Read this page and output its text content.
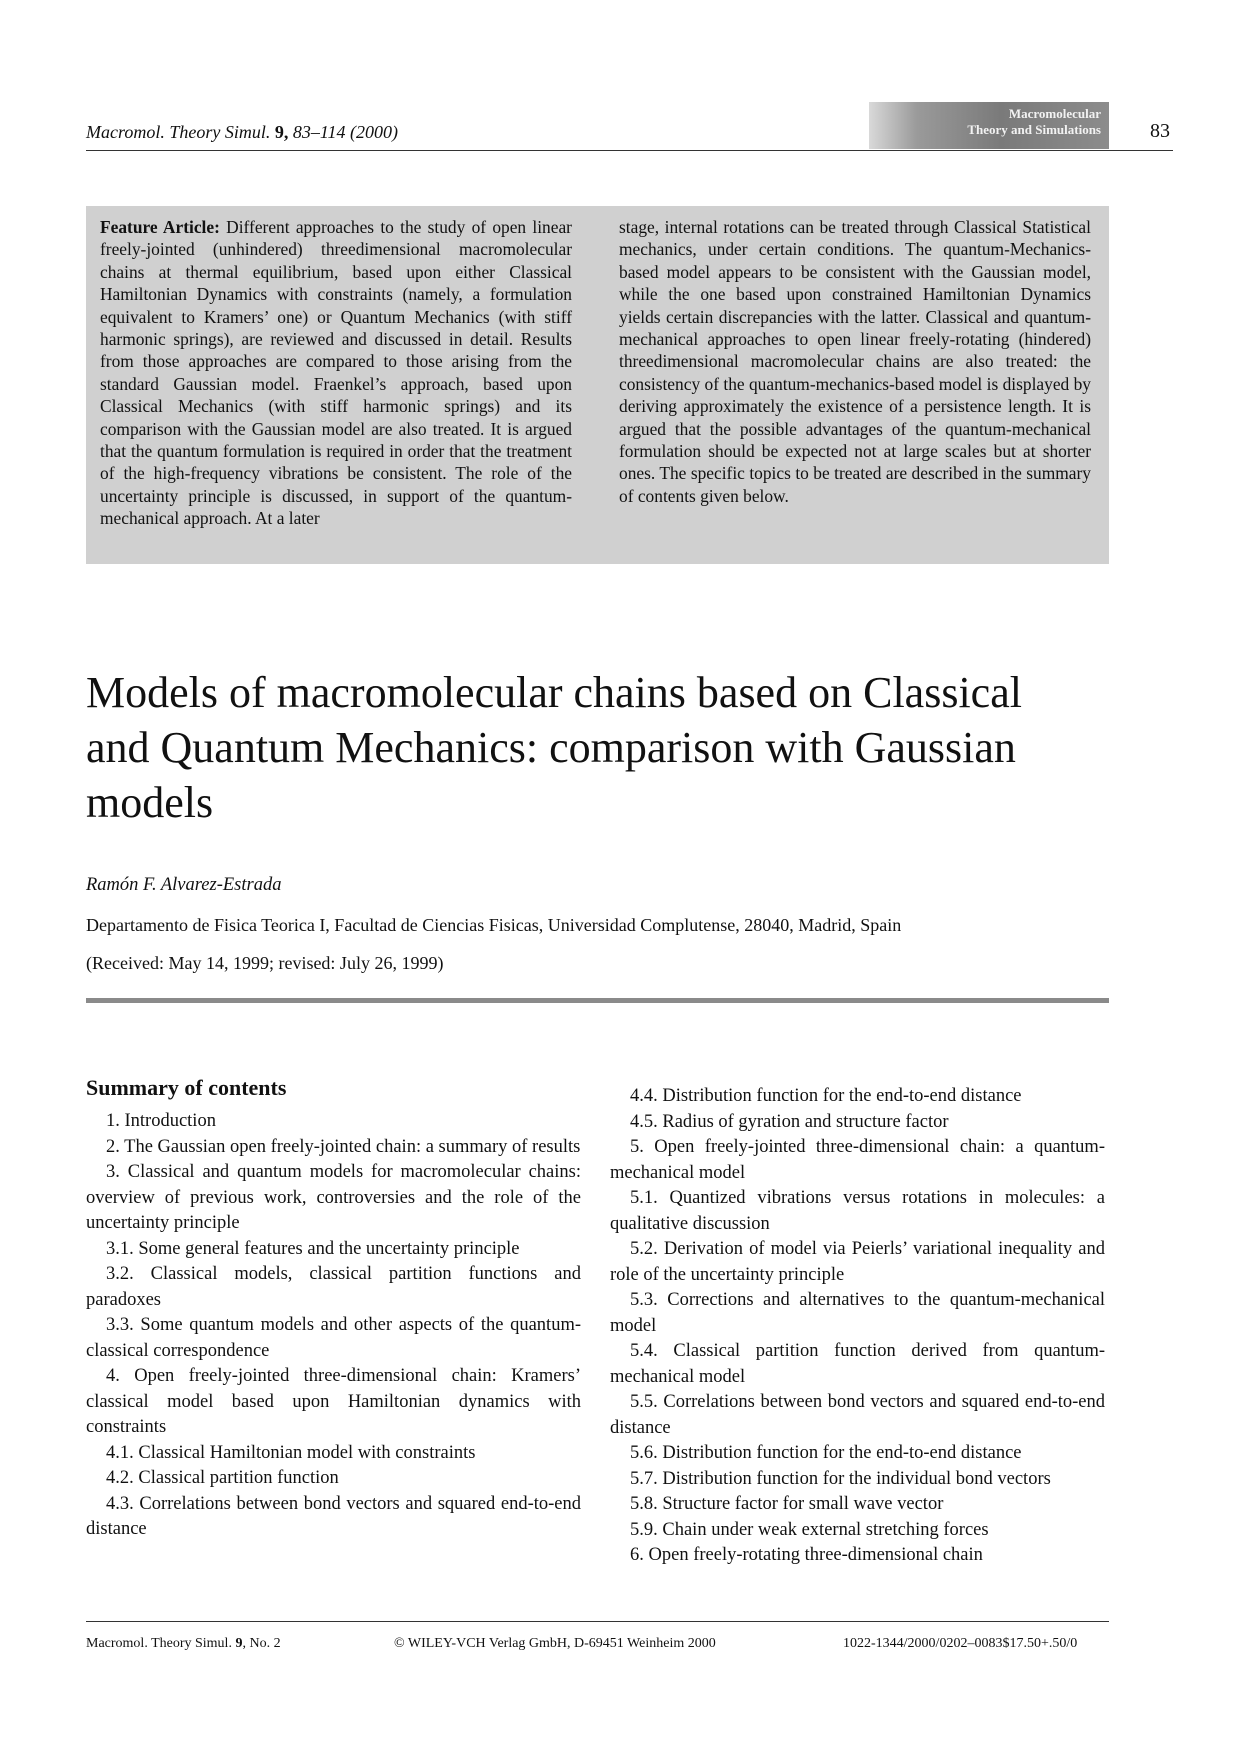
Macromol. Theory Simul. 9, 83–114 (2000)
Macromolecular
Theory and Simulations 83
Feature Article: Different approaches to the study of open linear freely-jointed (unhindered) threedimensional macromolecular chains at thermal equilibrium, based upon either Classical Hamiltonian Dynamics with constraints (namely, a formulation equivalent to Kramers’ one) or Quantum Mechanics (with stiff harmonic springs), are reviewed and discussed in detail. Results from those approaches are compared to those arising from the standard Gaussian model. Fraenkel’s approach, based upon Classical Mechanics (with stiff harmonic springs) and its comparison with the Gaussian model are also treated. It is argued that the quantum formulation is required in order that the treatment of the high-frequency vibrations be consistent. The role of the uncertainty principle is discussed, in support of the quantum-mechanical approach. At a later
stage, internal rotations can be treated through Classical Statistical mechanics, under certain conditions. The quantum-Mechanics-based model appears to be consistent with the Gaussian model, while the one based upon constrained Hamiltonian Dynamics yields certain discrepancies with the latter. Classical and quantum-mechanical approaches to open linear freely-rotating (hindered) threedimensional macromolecular chains are also treated: the consistency of the quantum-mechanics-based model is displayed by deriving approximately the existence of a persistence length. It is argued that the possible advantages of the quantum-mechanical formulation should be expected not at large scales but at shorter ones. The specific topics to be treated are described in the summary of contents given below.
Models of macromolecular chains based on Classical and Quantum Mechanics: comparison with Gaussian models
Ramón F. Alvarez-Estrada
Departamento de Fisica Teorica I, Facultad de Ciencias Fisicas, Universidad Complutense, 28040, Madrid, Spain
(Received: May 14, 1999; revised: July 26, 1999)
Summary of contents

1. Introduction

2. The Gaussian open freely-jointed chain: a summary of results

3. Classical and quantum models for macromolecular chains: overview of previous work, controversies and the role of the uncertainty principle

3.1. Some general features and the uncertainty principle

3.2. Classical models, classical partition functions and paradoxes

3.3. Some quantum models and other aspects of the quantum-classical correspondence

4. Open freely-jointed three-dimensional chain: Kramers’ classical model based upon Hamiltonian dynamics with constraints

4.1. Classical Hamiltonian model with constraints

4.2. Classical partition function

4.3. Correlations between bond vectors and squared end-to-end distance

4.4. Distribution function for the end-to-end distance

4.5. Radius of gyration and structure factor

5. Open freely-jointed three-dimensional chain: a quantum-mechanical model

5.1. Quantized vibrations versus rotations in molecules: a qualitative discussion

5.2. Derivation of model via Peierls’ variational inequality and role of the uncertainty principle

5.3. Corrections and alternatives to the quantum-mechanical model

5.4. Classical partition function derived from quantum-mechanical model

5.5. Correlations between bond vectors and squared end-to-end distance

5.6. Distribution function for the end-to-end distance

5.7. Distribution function for the individual bond vectors

5.8. Structure factor for small wave vector

5.9. Chain under weak external stretching forces

6. Open freely-rotating three-dimensional chain

Macromol. Theory Simul. 9, No. 2	© WILEY-VCH Verlag GmbH, D-69451 Weinheim 2000	1022-1344/2000/0202–0083$17.50+.50/0
